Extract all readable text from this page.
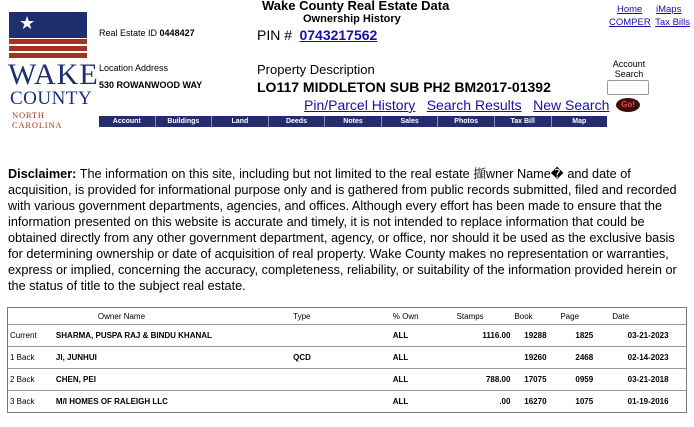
★
WAKE
COUNTY
NORTH CAROLINA
Wake County Real Estate Data
Ownership History
Real Estate ID 0448427	PIN # 0743217562
Location Address
530 ROWANWOOD WAY
Property Description
LO117 MIDDLETON SUB PH2 BM2017-01392
Pin/Parcel History Search Results New Search
Home iMaps
COMPER Tax Bills
Account
Search
Go!
Account	Buildings	Land	Deeds	Notes	Sales	Photos	Tax Bill	Map
Disclaimer: The information on this site, including but not limited to the real estate 擷wner Name� and date of acquisition, is provided for informational purpose only and is gathered from public records submitted, filed and recorded with various government departments, agencies, and offices. Although every effort has been made to ensure that the information presented on this website is accurate and timely, it is not intended to replace information that could be obtained directly from any other government department, agency, or office, nor should it be used as the exclusive basis for determining ownership or date of acquisition of real property. Wake County makes no representation or warranties, express or implied, concerning the accuracy, completeness, reliability, or suitability of the information provided herein or the status of title to the subject real estate.
	Owner Name	Type	% Own	Stamps	Book	Page	Date
Current	SHARMA, PUSPA RAJ & BINDU KHANAL		ALL	1116.00	19288	1825	03-21-2023
1 Back	JI, JUNHUI	QCD	ALL		19260	2468	02-14-2023
2 Back	CHEN, PEI		ALL	788.00	17075	0959	03-21-2018
3 Back	M/I HOMES OF RALEIGH LLC		ALL	.00	16270	1075	01-19-2016
